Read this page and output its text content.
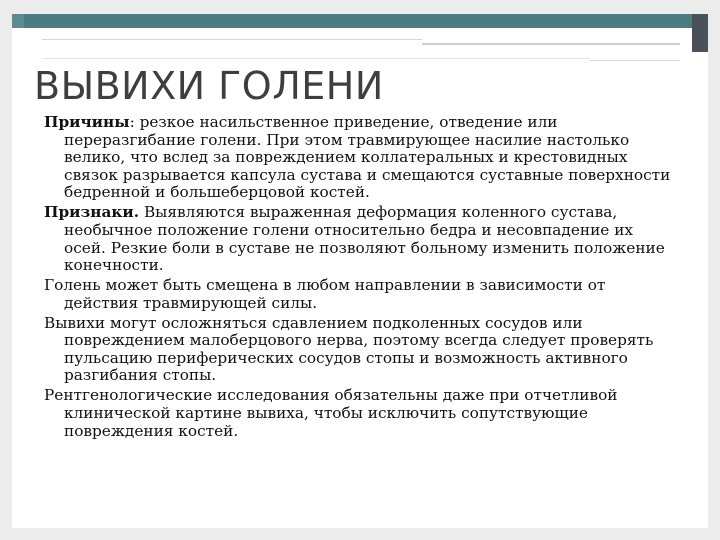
ВЫВИХИ ГОЛЕНИ
Причины: резкое насильственное приведение, отведение или переразгибание голени. При этом травмирующее насилие настолько велико, что вслед за повреждением коллатеральных и крестовидных связок разрывается капсула сустава и смещаются суставные поверхности бедренной и большеберцовой костей.
Признаки. Выявляются выраженная деформация коленного сустава, необычное положение голени относительно бедра и несовпадение их осей. Резкие боли в суставе не позволяют больному изменить положение конечности.
Голень может быть смещена в любом направлении в зависимости от действия травмирующей силы.
Вывихи могут осложняться сдавлением подколенных сосудов или повреждением малоберцового нерва, поэтому всегда следует проверять пульсацию периферических сосудов стопы и возможность активного разгибания стопы.
Рентгенологические исследования обязательны даже при отчетливой клинической картине вывиха, чтобы исключить сопутствующие повреждения костей.
